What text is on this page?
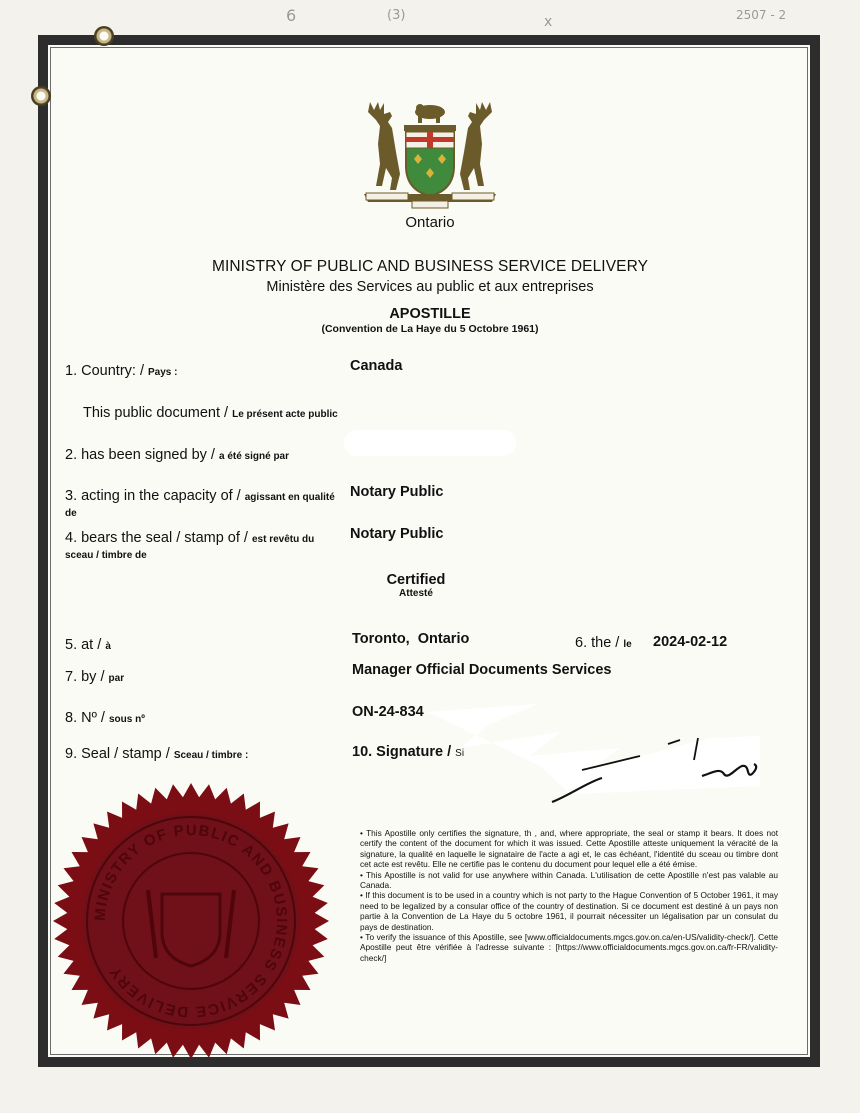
6	(3)	x	2507 - 2
Ontario
MINISTRY OF PUBLIC AND BUSINESS SERVICE DELIVERY
Ministère des Services au public et aux entreprises
APOSTILLE
(Convention de La Haye du 5 Octobre 1961)
1. Country: / Pays :	Canada
This public document / Le présent acte public
2. has been signed by / a été signé par
3. acting in the capacity of / agissant en qualité de
Notary Public
4. bears the seal / stamp of / est revêtu du sceau / timbre de
Notary Public
Certified
Attesté
5. at / à	Toronto,  Ontario	6. the / le 2024-02-12
7. by / par
Manager Official Documents Services
8. Nº / sous nº	ON-24-834
9. Seal / stamp / Sceau / timbre :	10. Signature / Si

• This Apostille only certifies the signature, th , and, where appropriate, the seal or stamp it bears. It does not certify the content of the document for which it was issued. Cette Apostille atteste uniquement la véracité de la signature, la qualité en laquelle le signataire de l'acte a agi et, le cas échéant, l'identité du sceau ou timbre dont cet acte est revêtu. Elle ne certifie pas le contenu du document pour lequel elle a été émise.

• This Apostille is not valid for use anywhere within Canada. L'utilisation de cette Apostille n'est pas valable au Canada.

• If this document is to be used in a country which is not party to the Hague Convention of 5 October 1961, it may need to be legalized by a consular office of the country of destination. Si ce document est destiné à un pays non partie à la Convention de La Haye du 5 octobre 1961, il pourrait nécessiter un légalisation par un consulat du pays de destination.

• To verify the issuance of this Apostille, see [www.officialdocuments.mgcs.gov.on.ca/en-US/validity-check/]. Cette Apostille peut être vérifiée à l'adresse suivante : [https://www.officialdocuments.mgcs.gov.on.ca/fr-FR/validity-check/]

MINISTRY OF PUBLIC AND BUSINESS SERVICE DELIVERY
